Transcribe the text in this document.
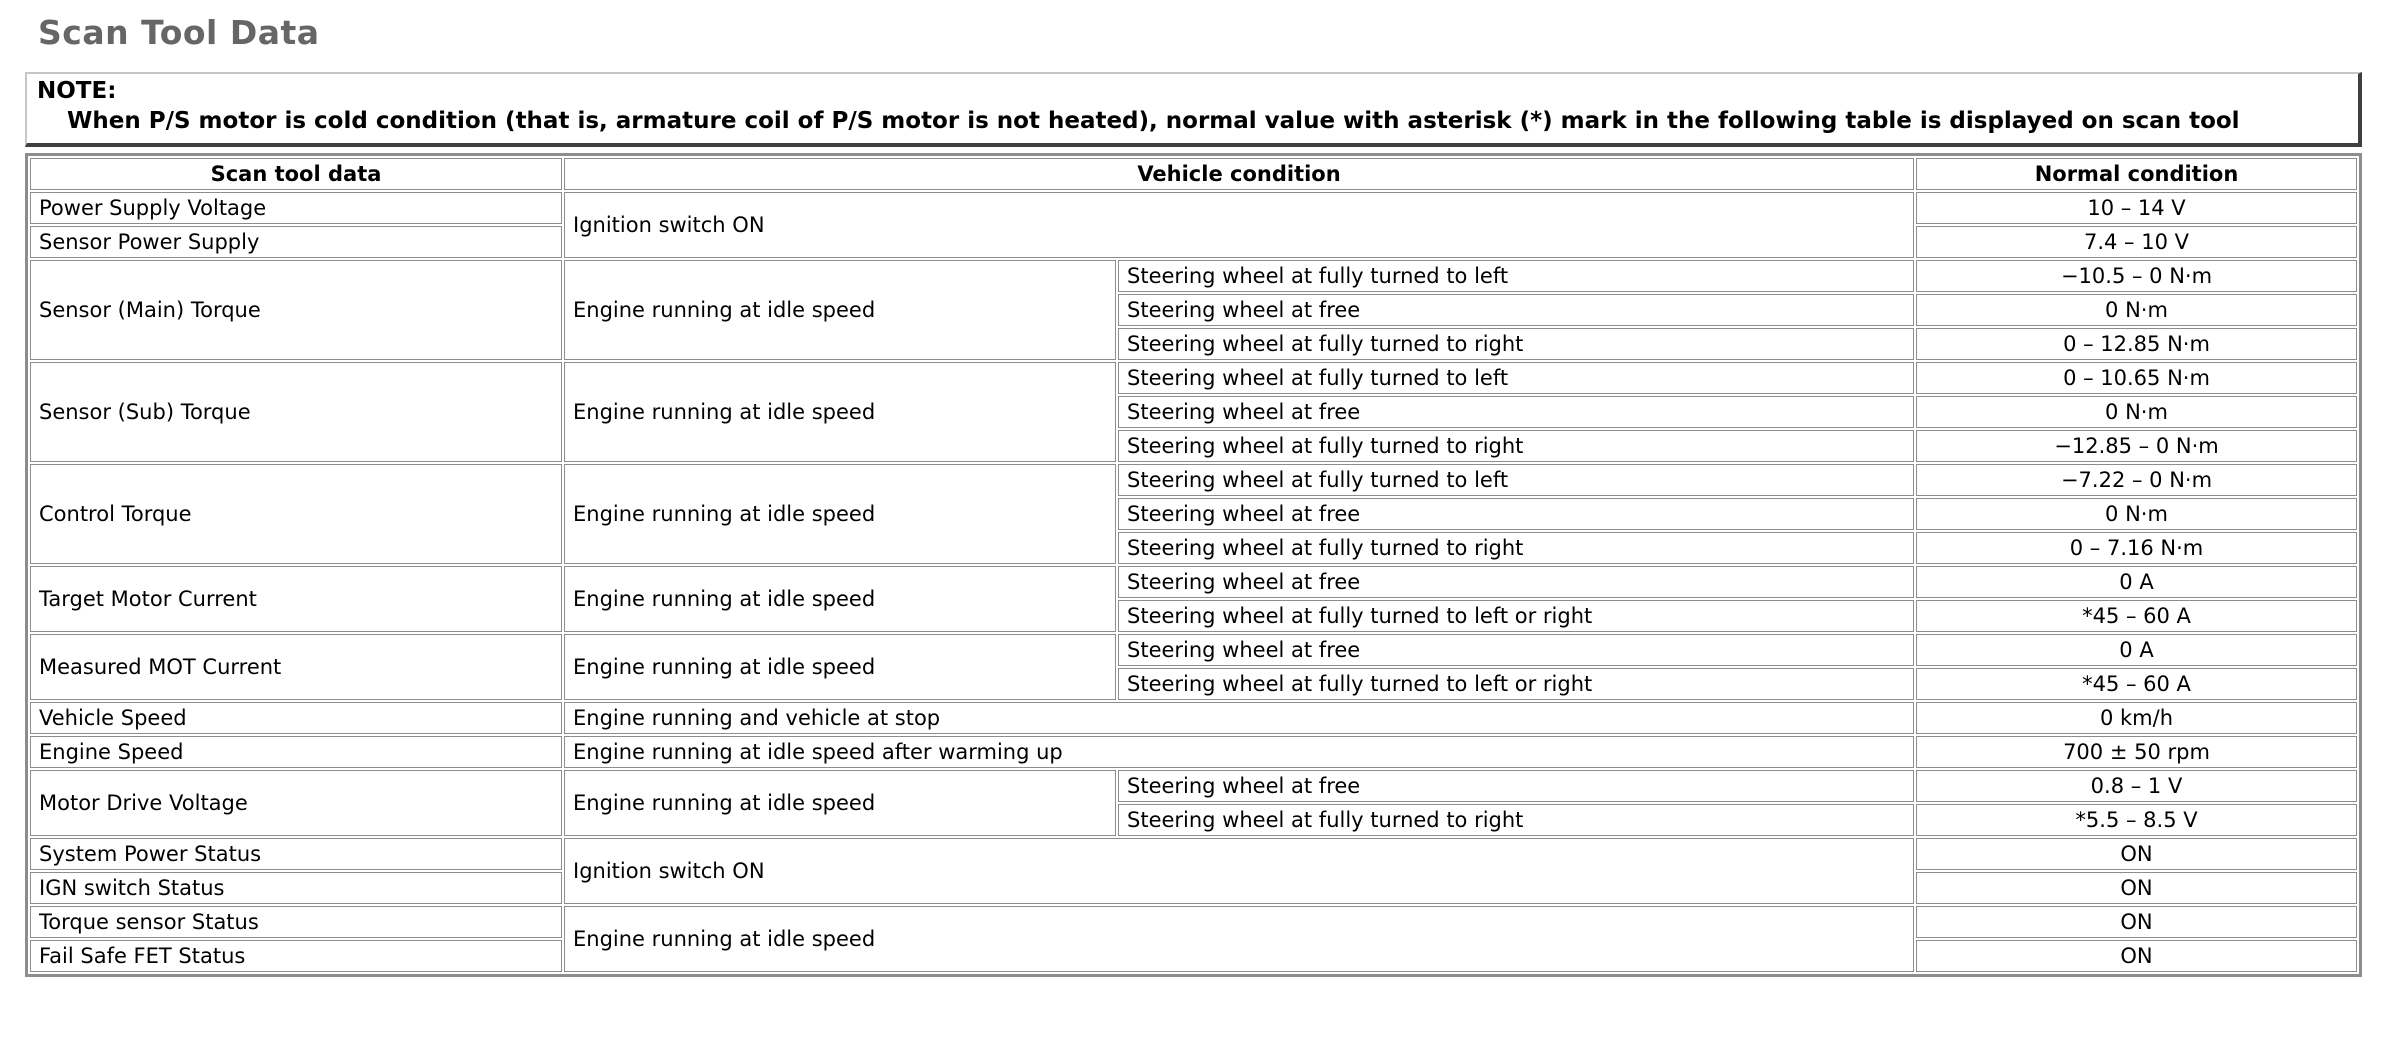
Scan Tool Data
NOTE:
When P/S motor is cold condition (that is, armature coil of P/S motor is not heated), normal value with asterisk (*) mark in the following table is displayed on scan tool
Scan tool data	Vehicle condition		Normal condition
Power Supply Voltage	Ignition switch ON		10 – 14 V
Sensor Power Supply			7.4 – 10 V
Sensor (Main) Torque	Engine running at idle speed	Steering wheel at fully turned to left	−10.5 – 0 N·m
		Steering wheel at free	0 N·m
		Steering wheel at fully turned to right	0 – 12.85 N·m
Sensor (Sub) Torque	Engine running at idle speed	Steering wheel at fully turned to left	0 – 10.65 N·m
		Steering wheel at free	0 N·m
		Steering wheel at fully turned to right	−12.85 – 0 N·m
Control Torque	Engine running at idle speed	Steering wheel at fully turned to left	−7.22 – 0 N·m
		Steering wheel at free	0 N·m
		Steering wheel at fully turned to right	0 – 7.16 N·m
Target Motor Current	Engine running at idle speed	Steering wheel at free	0 A
		Steering wheel at fully turned to left or right	*45 – 60 A
Measured MOT Current	Engine running at idle speed	Steering wheel at free	0 A
		Steering wheel at fully turned to left or right	*45 – 60 A
Vehicle Speed	Engine running and vehicle at stop		0 km/h
Engine Speed	Engine running at idle speed after warming up		700 ± 50 rpm
Motor Drive Voltage	Engine running at idle speed	Steering wheel at free	0.8 – 1 V
		Steering wheel at fully turned to right	*5.5 – 8.5 V
System Power Status	Ignition switch ON		ON
IGN switch Status			ON
Torque sensor Status	Engine running at idle speed		ON
Fail Safe FET Status			ON
